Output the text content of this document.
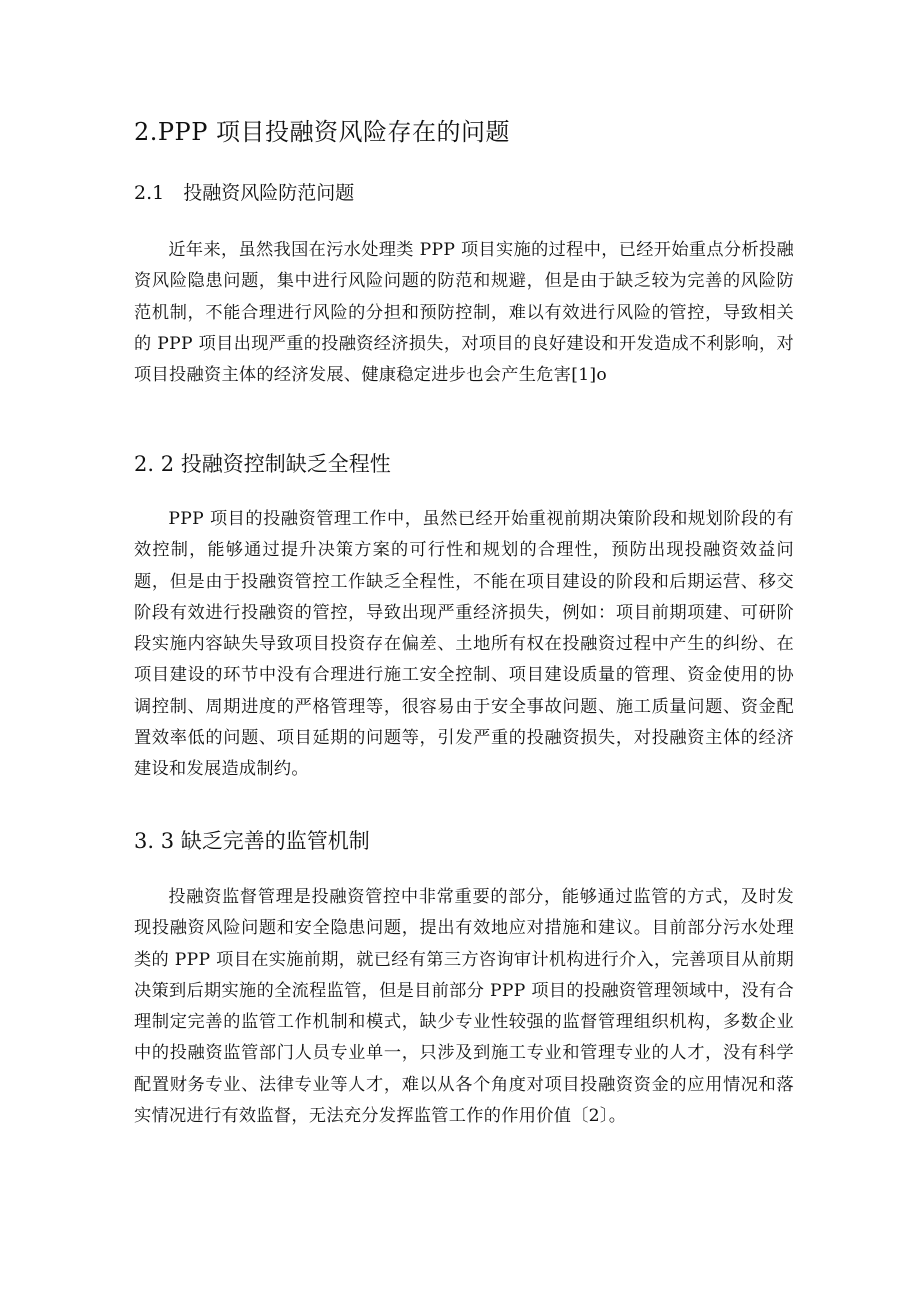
2.PPP 项目投融资风险存在的问题
2.1　投融资风险防范问题

近年来，虽然我国在污水处理类 PPP 项目实施的过程中，已经开始重点分析投融资风险隐患问题，集中进行风险问题的防范和规避，但是由于缺乏较为完善的风险防范机制，不能合理进行风险的分担和预防控制，难以有效进行风险的管控，导致相关的 PPP 项目出现严重的投融资经济损失，对项目的良好建设和开发造成不利影响，对项目投融资主体的经济发展、健康稳定进步也会产生危害[1]o

2. 2 投融资控制缺乏全程性

PPP 项目的投融资管理工作中，虽然已经开始重视前期决策阶段和规划阶段的有效控制，能够通过提升决策方案的可行性和规划的合理性，预防出现投融资效益问题，但是由于投融资管控工作缺乏全程性，不能在项目建设的阶段和后期运营、移交阶段有效进行投融资的管控，导致出现严重经济损失，例如：项目前期项建、可研阶段实施内容缺失导致项目投资存在偏差、土地所有权在投融资过程中产生的纠纷、在项目建设的环节中没有合理进行施工安全控制、项目建设质量的管理、资金使用的协调控制、周期进度的严格管理等，很容易由于安全事故问题、施工质量问题、资金配置效率低的问题、项目延期的问题等，引发严重的投融资损失，对投融资主体的经济建设和发展造成制约。

3. 3 缺乏完善的监管机制

投融资监督管理是投融资管控中非常重要的部分，能够通过监管的方式，及时发现投融资风险问题和安全隐患问题，提出有效地应对措施和建议。目前部分污水处理类的 PPP 项目在实施前期，就已经有第三方咨询审计机构进行介入，完善项目从前期决策到后期实施的全流程监管，但是目前部分 PPP 项目的投融资管理领域中，没有合理制定完善的监管工作机制和模式，缺少专业性较强的监督管理组织机构，多数企业中的投融资监管部门人员专业单一，只涉及到施工专业和管理专业的人才，没有科学配置财务专业、法律专业等人才，难以从各个角度对项目投融资资金的应用情况和落实情况进行有效监督，无法充分发挥监管工作的作用价值〔2〕。
